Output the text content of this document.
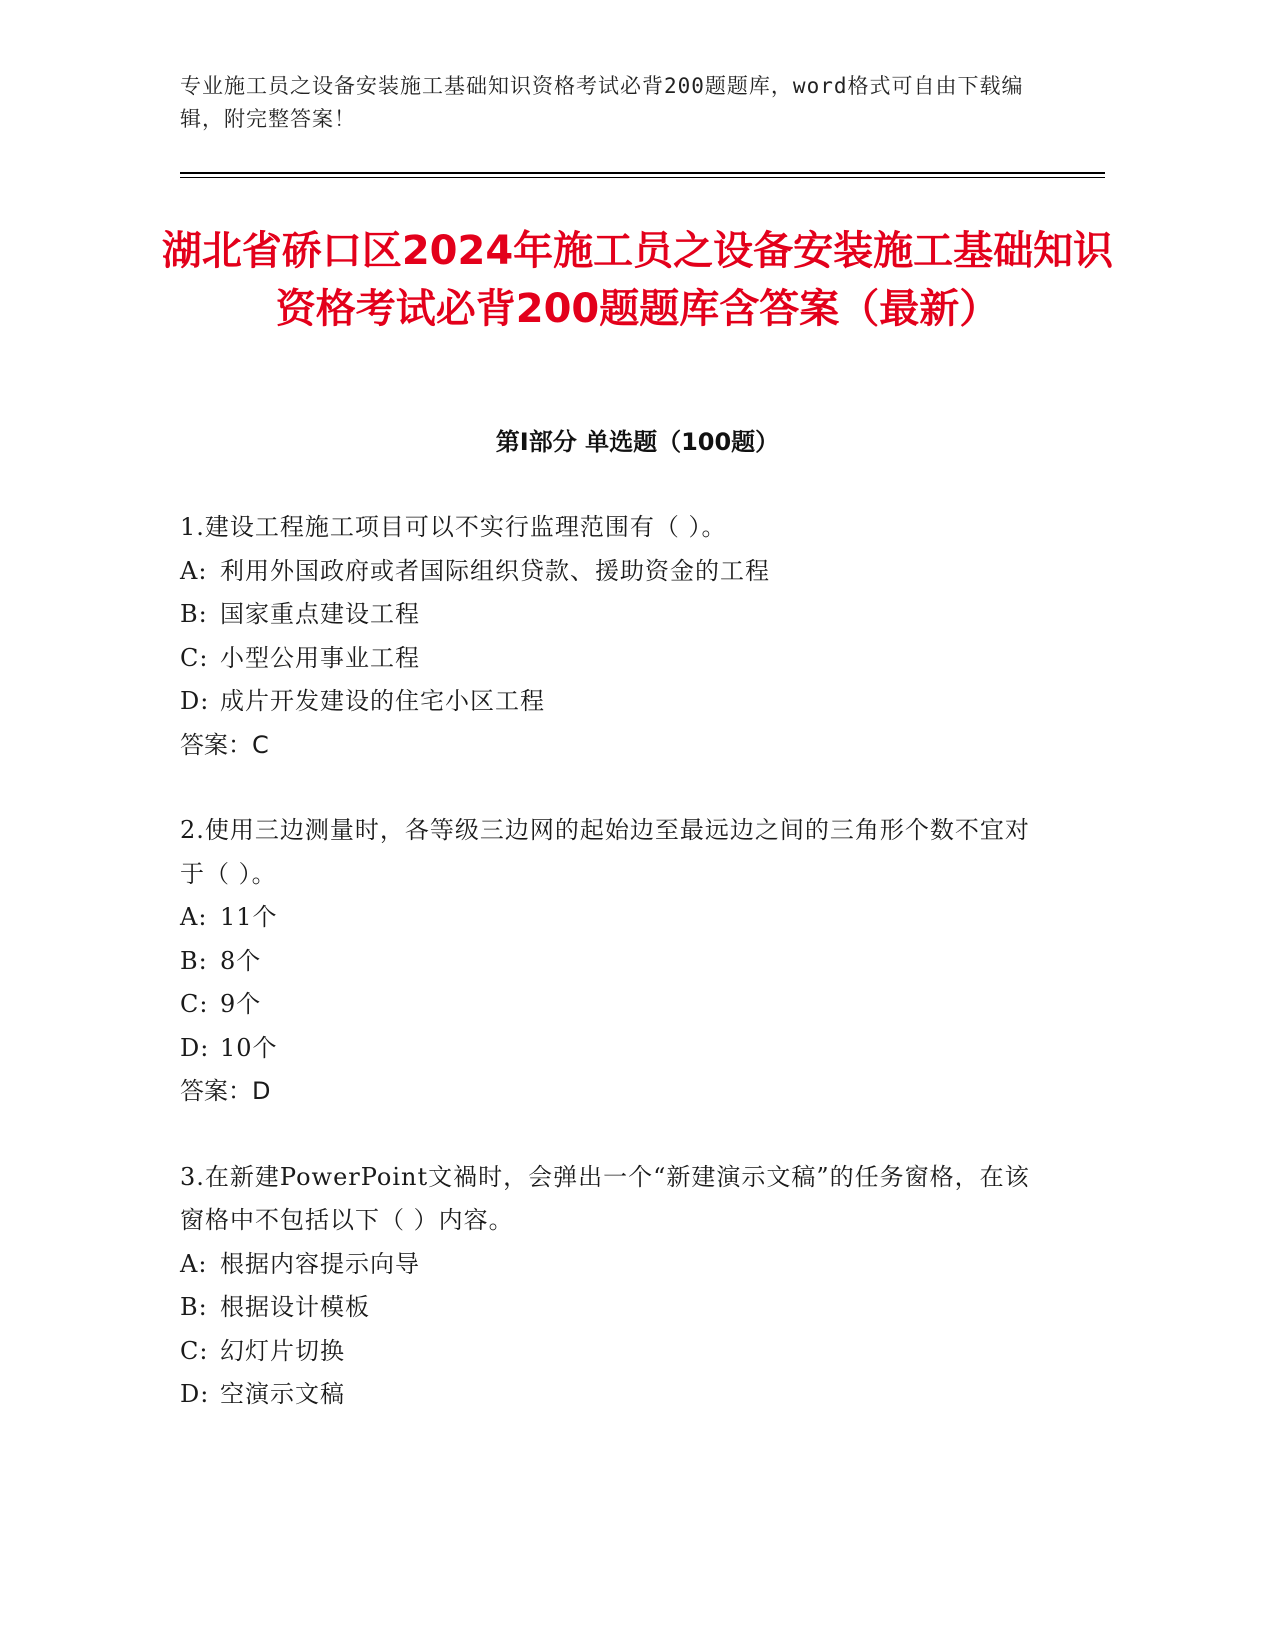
专业施工员之设备安装施工基础知识资格考试必背200题题库，word格式可自由下载编辑，附完整答案！
湖北省硚口区2024年施工员之设备安装施工基础知识资格考试必背200题题库含答案（最新）
第I部分 单选题（100题）

1.建设工程施工项目可以不实行监理范围有（ ）。

A: 利用外国政府或者国际组织贷款、援助资金的工程

B: 国家重点建设工程

C: 小型公用事业工程

D: 成片开发建设的住宅小区工程

答案：C

2.使用三边测量时，各等级三边网的起始边至最远边之间的三角形个数不宜对于（ ）。

A: 11个

B: 8个

C: 9个

D: 10个

答案：D

3.在新建PowerPoint文禍时，会弹出一个“新建演示文稿”的任务窗格，在该窗格中不包括以下（ ）内容。

A: 根据内容提示向导

B: 根据设计模板

C: 幻灯片切换

D: 空演示文稿
